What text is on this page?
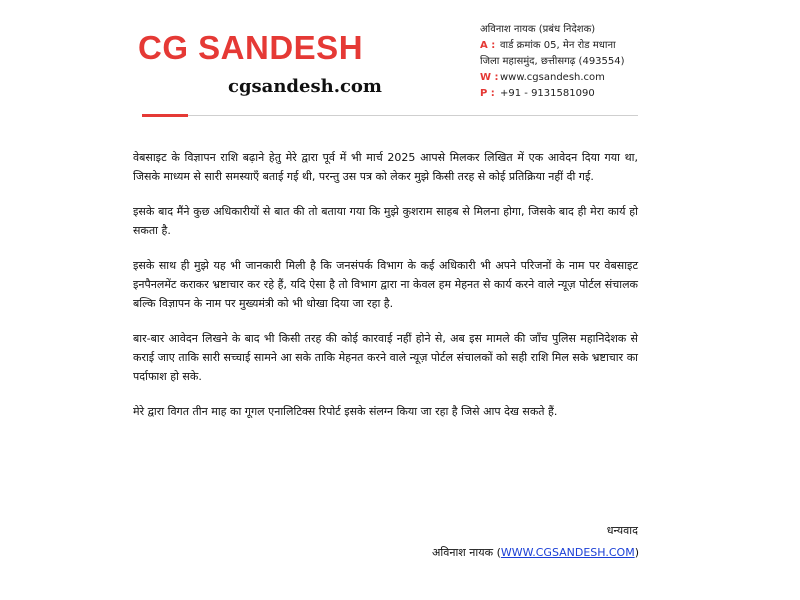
CG SANDESH
cgsandesh.com
अविनाश नायक (प्रबंध निदेशक)
A : वार्ड क्रमांक 05, मेन रोड मधाना
जिला महासमुंद, छत्तीसगढ़ (493554)
W :www.cgsandesh.com
P : +91 - 9131581090

वेबसाइट के विज्ञापन राशि बढ़ाने हेतु मेरे द्वारा पूर्व में भी मार्च 2025 आपसे मिलकर लिखित में एक आवेदन दिया गया था, जिसके माध्यम से सारी समस्याएँ बताई गई थी, परन्तु उस पत्र को लेकर मुझे किसी तरह से कोई प्रतिक्रिया नहीं दी गई.

इसके बाद मैंने कुछ अधिकारीयों से बात की तो बताया गया कि मुझे कुशराम साहब से मिलना होगा, जिसके बाद ही मेरा कार्य हो सकता है.

इसके साथ ही मुझे यह भी जानकारी मिली है कि जनसंपर्क विभाग के कई अधिकारी भी अपने परिजनों के नाम पर वेबसाइट इनपैनलमेंट कराकर भ्रष्टाचार कर रहे हैं, यदि ऐसा है तो विभाग द्वारा ना केवल हम मेहनत से कार्य करने वाले न्यूज़ पोर्टल संचालक बल्कि विज्ञापन के नाम पर मुख्यमंत्री को भी धोखा दिया जा रहा है.

बार-बार आवेदन लिखने के बाद भी किसी तरह की कोई कारवाई नहीं होने से, अब इस मामले की जाँच पुलिस महानिदेशक से कराई जाए ताकि सारी सच्चाई सामने आ सके ताकि मेहनत करने वाले न्यूज़ पोर्टल संचालकों को सही राशि मिल सके भ्रष्टाचार का पर्दाफाश हो सके.

मेरे द्वारा विगत तीन माह का गूगल एनालिटिक्स रिपोर्ट इसके संलग्न किया जा रहा है जिसे आप देख सकते हैं.

धन्यवाद
अविनाश नायक (WWW.CGSANDESH.COM)
